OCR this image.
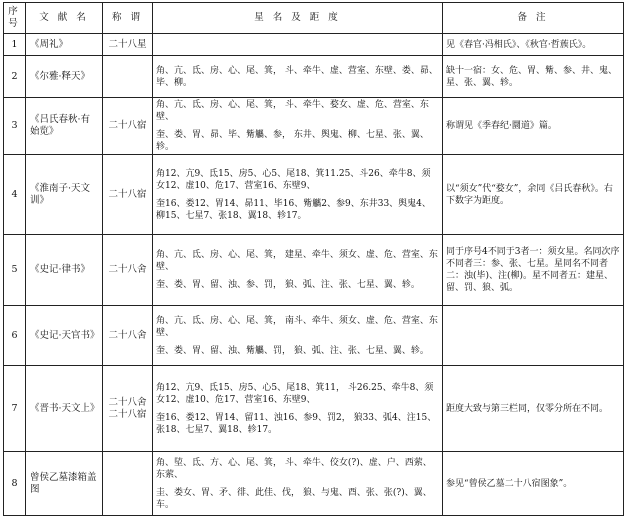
序号	文 献 名	称 谓	星 名 及 距 度	备 注
1	《周礼》	二十八星		见《春官·冯相氏》、《秋官·哲蔟氏》。
2	《尔雅·释天》		角、亢、氐、房、心、尾、箕， 斗、牵牛、虚、营室、东壁、娄、昴、毕、柳。	缺十一宿：女、危、胃、觜、参、井、鬼、星、张、翼、轸。
3	《吕氏春秋·有始览》	二十八宿	角、亢、氐、房、心、尾、箕， 斗、牵牛、婺女、虚、危、营室、东壁、
奎、娄、胃、昴、毕、觜觿、参， 东井、舆鬼、柳、七星、张、翼、轸。	称谓见《季春纪·圜道》篇。
4	《淮南子·天文训》	二十八宿	角12、亢9、氐15、房5、心5、尾18、箕11.25、斗26、牵牛8、须女12、虚10、危17、营室16、东壁9、
奎16、娄12、胃14、昴11、毕16、觜觿2、参9、东井33、舆鬼4、柳15、七星7、张18、翼18、轸17。	以“须女”代“婺女”，余同《吕氏春秋》。右下数字为距度。
5	《史记·律书》	二十八舍	角、亢、氐、房、心、尾、箕， 建星、牵牛、须女、虚、危、营室、东壁、
奎、娄、胃、留、浊、参、罚， 狼、弧、注、张、七星、翼、轸。	同于序号4不同于3者一：须女星。名同次序不同者三：参、张、七星。星同名不同者二：浊(毕)、注(柳)。星不同者五：建星、留、罚、狼、弧。
6	《史记·天官书》	二十八舍	角、亢、氐、房、心、尾、箕， 南斗、牵牛、须女、虚、危、营室、东壁、
奎、娄、胃、留、浊、觜觿、罚， 狼、弧、注、张、七星、翼、轸。	

7	《晋书·天文上》	二十八舍 二十八宿	角12、亢9、氐15、房5、心5、尾18、箕11， 斗26.25、牵牛8、须女12、虚10、危17、营室16、东壁9、
奎16、娄12、胃14、留11、浊16、参9、罚2， 狼33、弧4、注15、张18、七星7、翼18、轸17。	距度大致与第三栏同，仅零分所在不同。
8	曾侯乙墓漆箱盖图		角、埅、氐、方、心、尾、箕， 斗、牵牛、佼女(?)、虚、户、西萦、东萦、
圭、娄女、胃、矛、徘、此佳、伐， 狼、与鬼、酉、张、张(?)、翼、车。	参见“曾侯乙墓二十八宿图象”。
